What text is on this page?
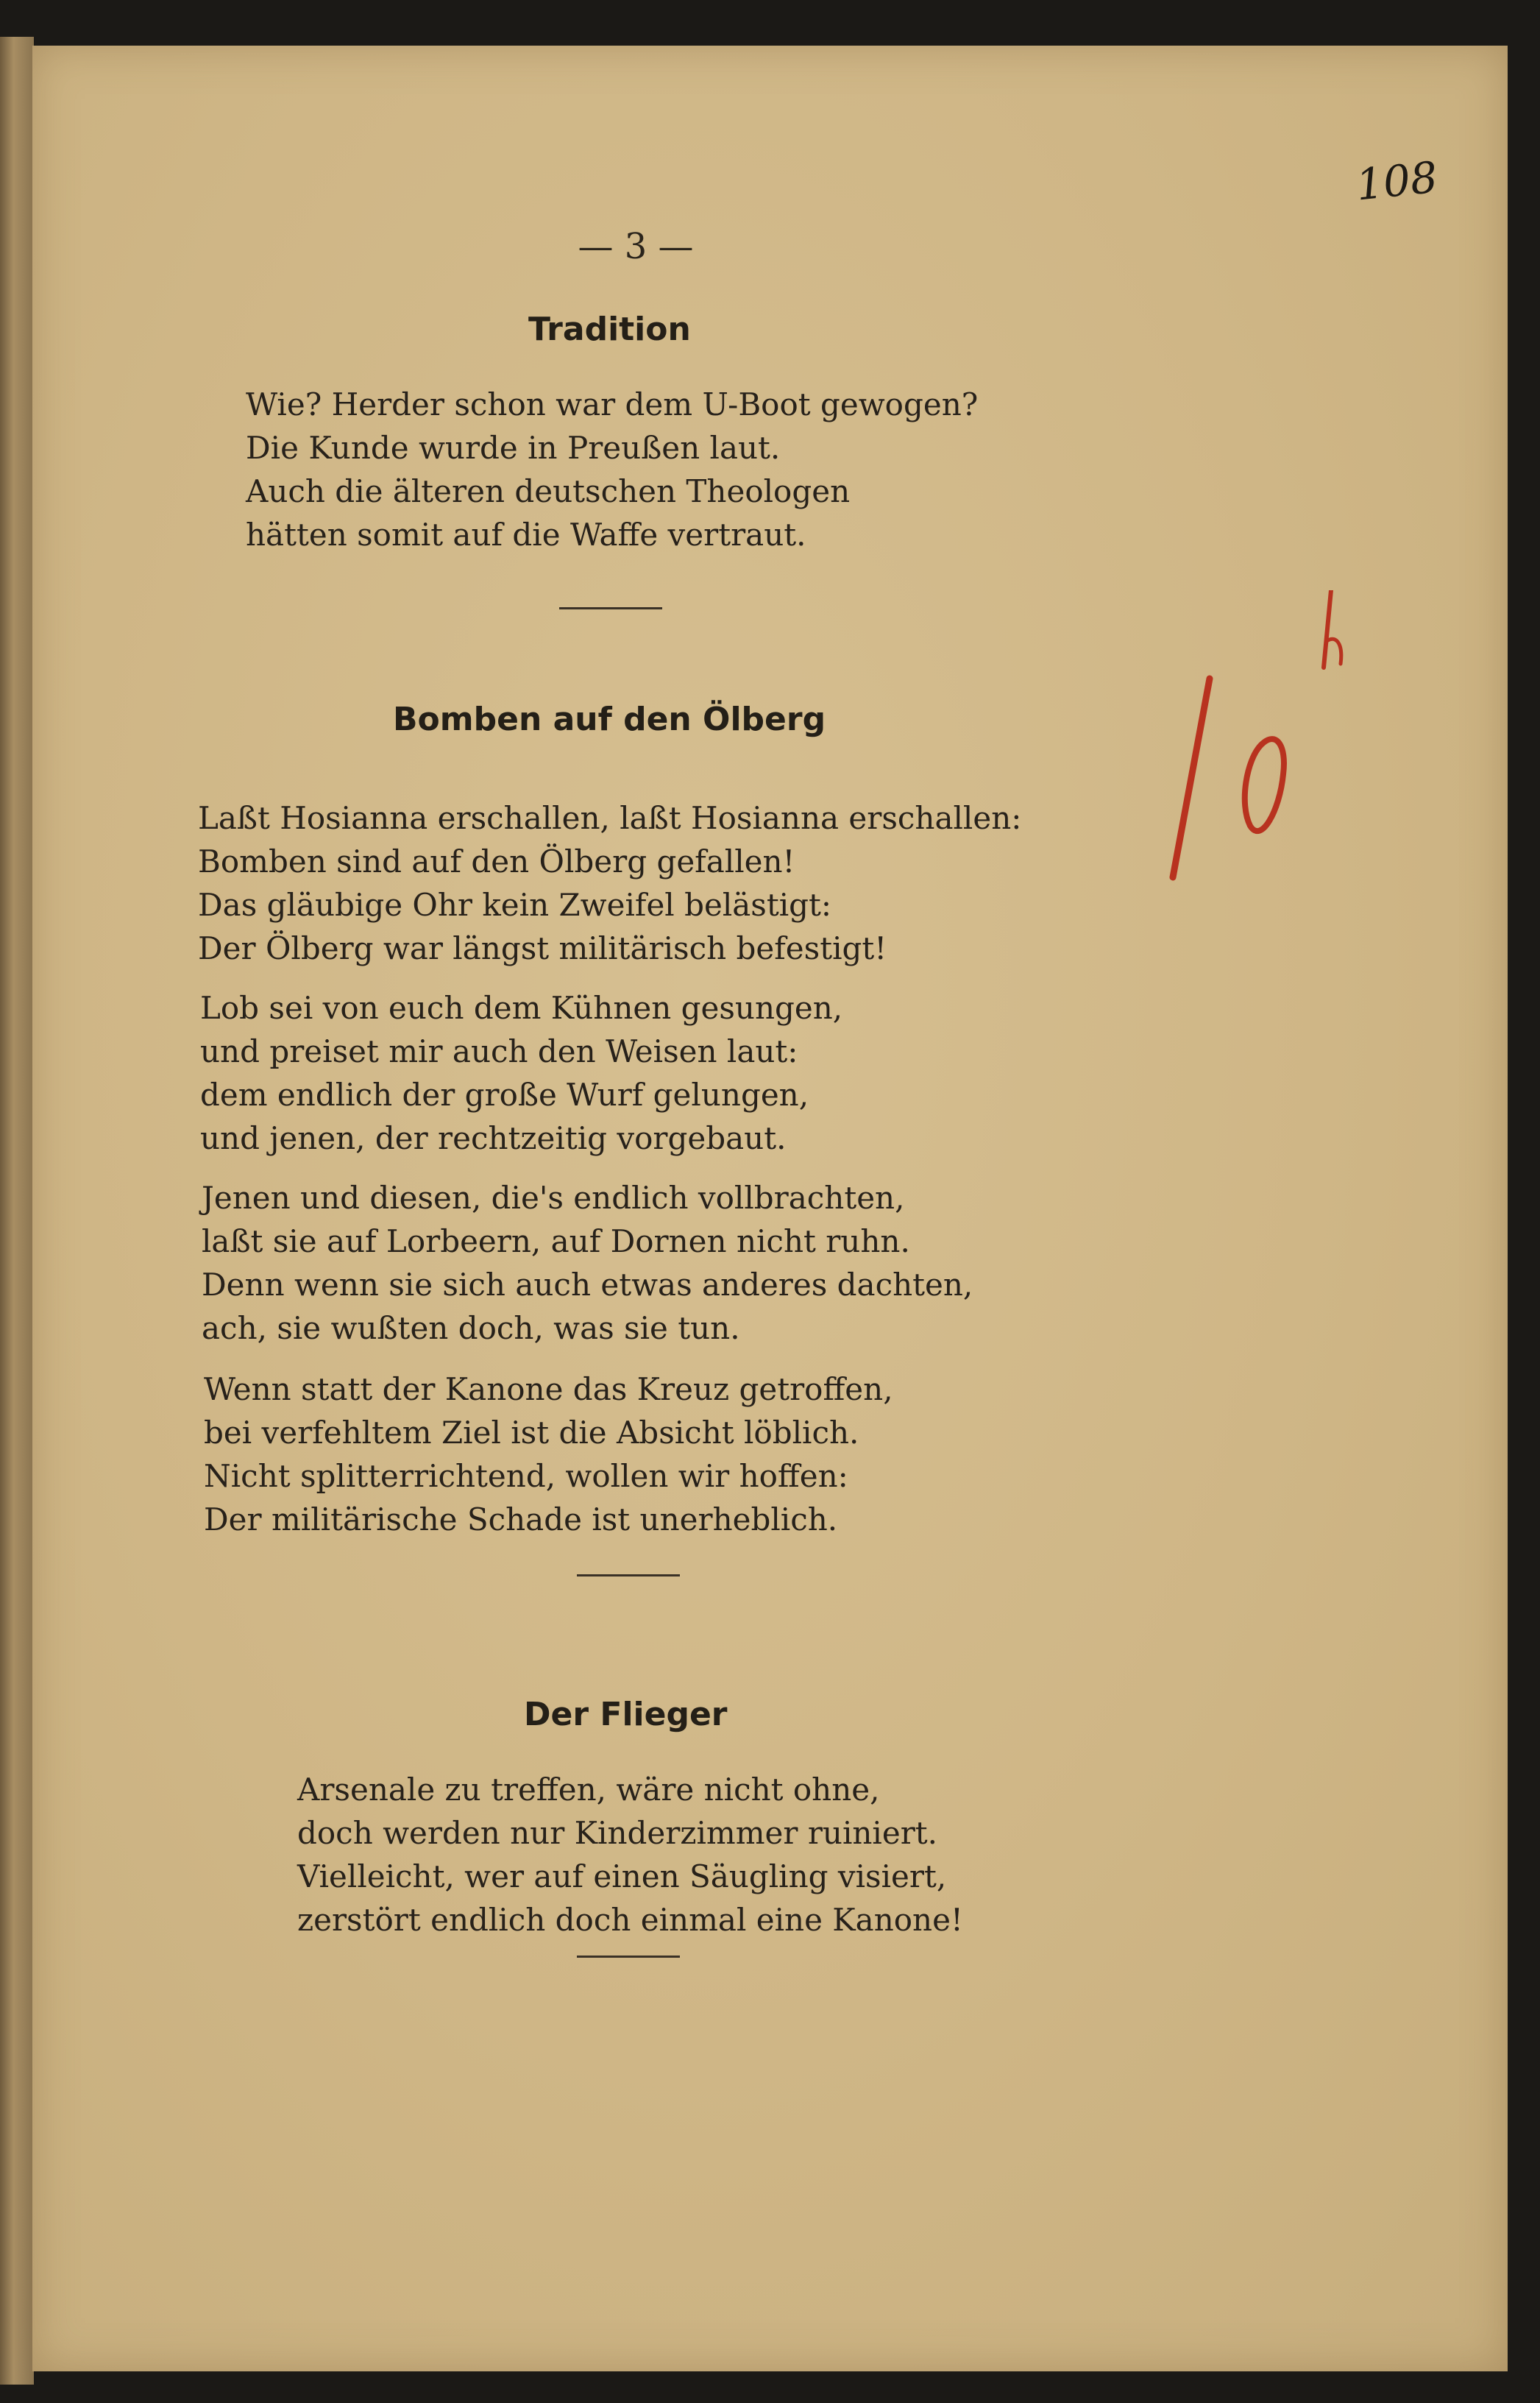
108
10
— 3 —
Tradition
Wie? Herder schon war dem U-Boot gewogen?
Die Kunde wurde in Preußen laut.
Auch die älteren deutschen Theologen
hätten somit auf die Waffe vertraut.
Bomben auf den Ölberg
Laßt Hosianna erschallen, laßt Hosianna erschallen:
Bomben sind auf den Ölberg gefallen!
Das gläubige Ohr kein Zweifel belästigt:
Der Ölberg war längst militärisch befestigt!
Lob sei von euch dem Kühnen gesungen,
und preiset mir auch den Weisen laut:
dem endlich der große Wurf gelungen,
und jenen, der rechtzeitig vorgebaut.
Jenen und diesen, die's endlich vollbrachten,
laßt sie auf Lorbeern, auf Dornen nicht ruhn.
Denn wenn sie sich auch etwas anderes dachten,
ach, sie wußten doch, was sie tun.
Wenn statt der Kanone das Kreuz getroffen,
bei verfehltem Ziel ist die Absicht löblich.
Nicht splitterrichtend, wollen wir hoffen:
Der militärische Schade ist unerheblich.
Der Flieger
Arsenale zu treffen, wäre nicht ohne,
doch werden nur Kinderzimmer ruiniert.
Vielleicht, wer auf einen Säugling visiert,
zerstört endlich doch einmal eine Kanone!
